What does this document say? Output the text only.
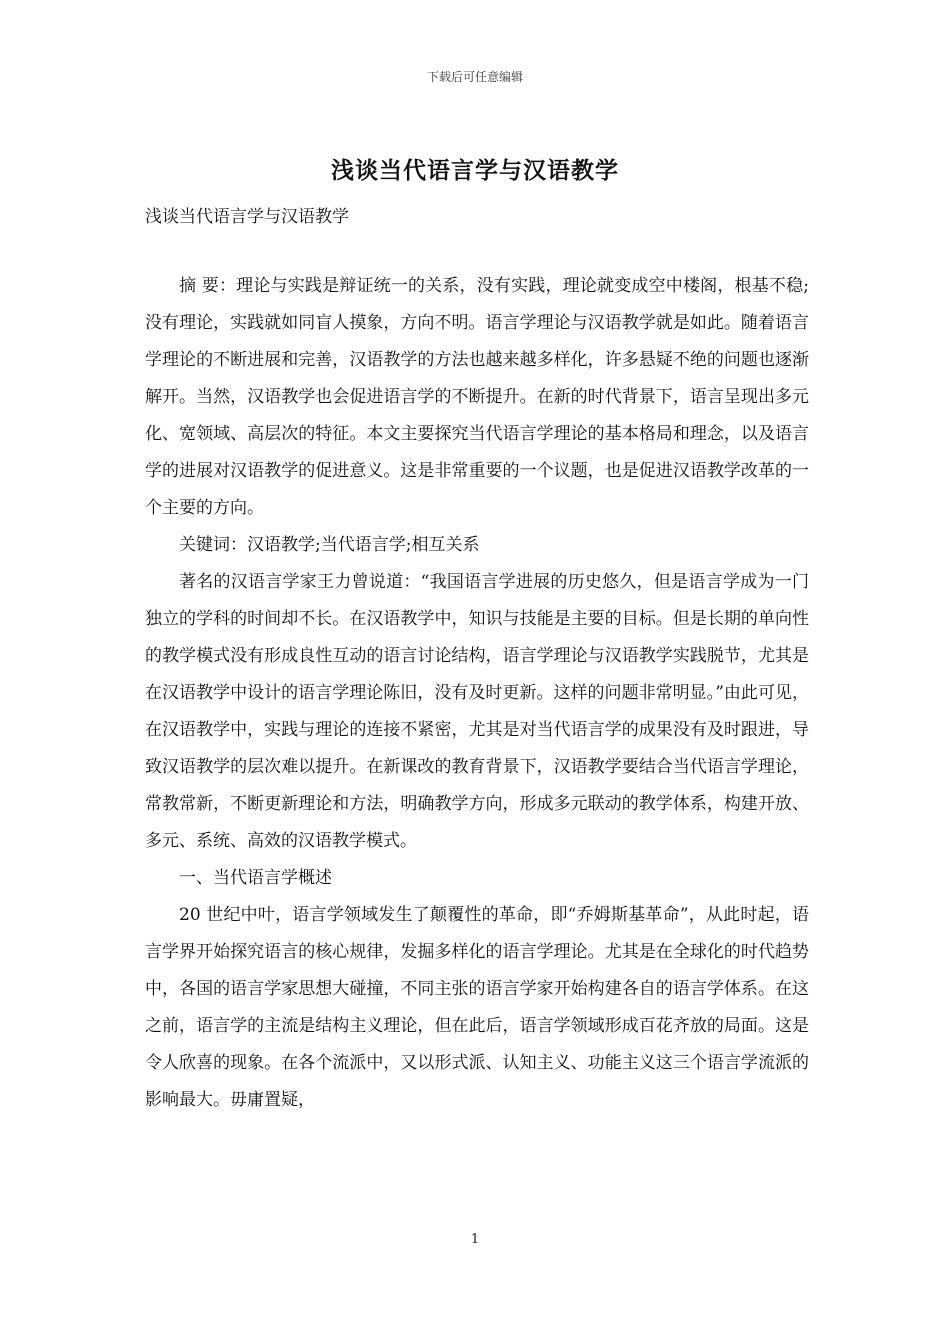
下载后可任意编辑
浅谈当代语言学与汉语教学
浅谈当代语言学与汉语教学

摘 要：理论与实践是辩证统一的关系，没有实践，理论就变成空中楼阁，根基不稳;没有理论，实践就如同盲人摸象，方向不明。语言学理论与汉语教学就是如此。随着语言学理论的不断进展和完善，汉语教学的方法也越来越多样化，许多悬疑不绝的问题也逐渐解开。当然，汉语教学也会促进语言学的不断提升。在新的时代背景下，语言呈现出多元化、宽领域、高层次的特征。本文主要探究当代语言学理论的基本格局和理念，以及语言学的进展对汉语教学的促进意义。这是非常重要的一个议题，也是促进汉语教学改革的一个主要的方向。

关键词：汉语教学;当代语言学;相互关系

著名的汉语言学家王力曾说道：“我国语言学进展的历史悠久，但是语言学成为一门独立的学科的时间却不长。在汉语教学中，知识与技能是主要的目标。但是长期的单向性的教学模式没有形成良性互动的语言讨论结构，语言学理论与汉语教学实践脱节，尤其是在汉语教学中设计的语言学理论陈旧，没有及时更新。这样的问题非常明显。”由此可见，在汉语教学中，实践与理论的连接不紧密，尤其是对当代语言学的成果没有及时跟进，导致汉语教学的层次难以提升。在新课改的教育背景下，汉语教学要结合当代语言学理论，常教常新，不断更新理论和方法，明确教学方向，形成多元联动的教学体系，构建开放、多元、系统、高效的汉语教学模式。

一、当代语言学概述

20 世纪中叶，语言学领域发生了颠覆性的革命，即“乔姆斯基革命”，从此时起，语言学界开始探究语言的核心规律，发掘多样化的语言学理论。尤其是在全球化的时代趋势中，各国的语言学家思想大碰撞，不同主张的语言学家开始构建各自的语言学体系。在这之前，语言学的主流是结构主义理论，但在此后，语言学领域形成百花齐放的局面。这是令人欣喜的现象。在各个流派中，又以形式派、认知主义、功能主义这三个语言学流派的影响最大。毋庸置疑，

1
